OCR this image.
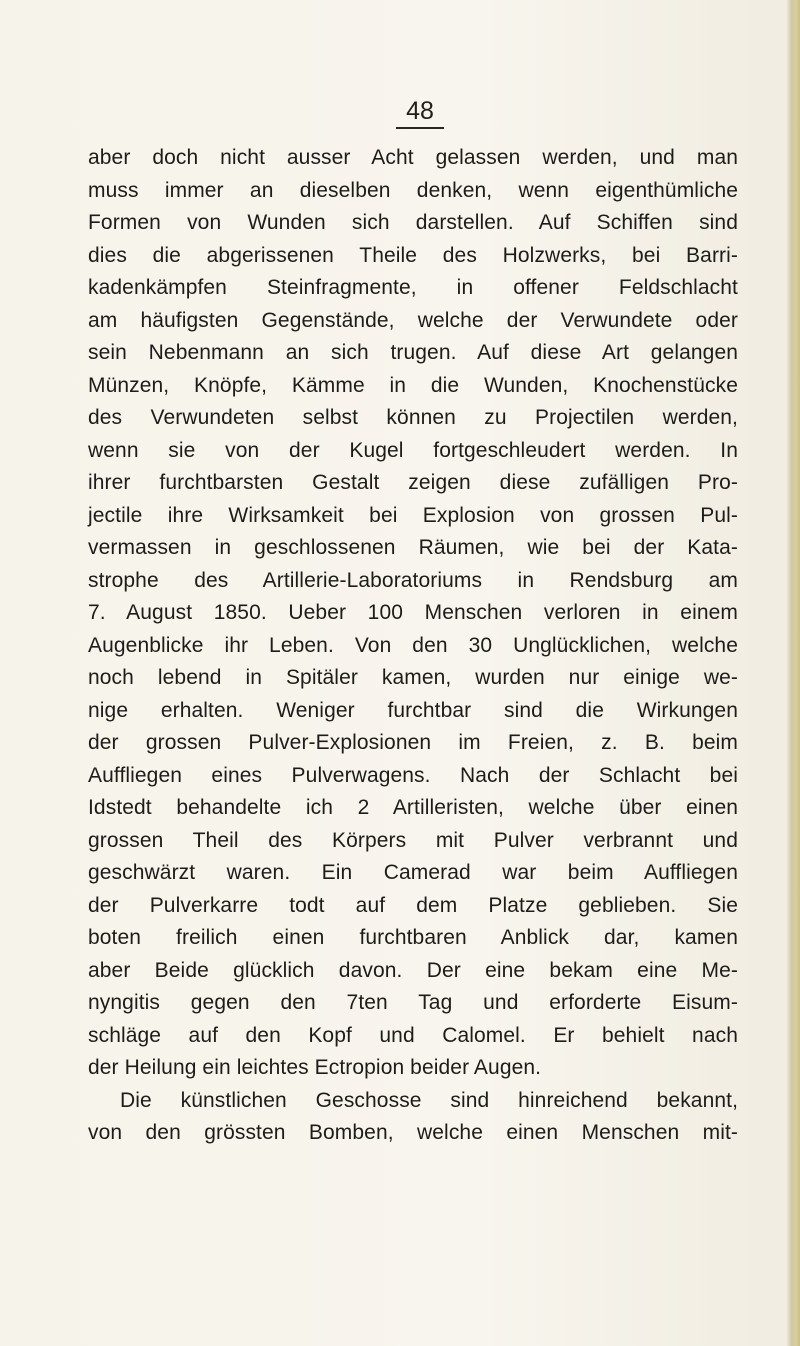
48
aber doch nicht ausser Acht gelassen werden, und man
muss immer an dieselben denken, wenn eigenthümliche
Formen von Wunden sich darstellen. Auf Schiffen sind
dies die abgerissenen Theile des Holzwerks, bei Barri-
kadenkämpfen Steinfragmente, in offener Feldschlacht
am häufigsten Gegenstände, welche der Verwundete oder
sein Nebenmann an sich trugen. Auf diese Art gelangen
Münzen, Knöpfe, Kämme in die Wunden, Knochenstücke
des Verwundeten selbst können zu Projectilen werden,
wenn sie von der Kugel fortgeschleudert werden. In
ihrer furchtbarsten Gestalt zeigen diese zufälligen Pro-
jectile ihre Wirksamkeit bei Explosion von grossen Pul-
vermassen in geschlossenen Räumen, wie bei der Kata-
strophe des Artillerie-Laboratoriums in Rendsburg am
7. August 1850. Ueber 100 Menschen verloren in einem
Augenblicke ihr Leben. Von den 30 Unglücklichen, welche
noch lebend in Spitäler kamen, wurden nur einige we-
nige erhalten. Weniger furchtbar sind die Wirkungen
der grossen Pulver-Explosionen im Freien, z. B. beim
Auffliegen eines Pulverwagens. Nach der Schlacht bei
Idstedt behandelte ich 2 Artilleristen, welche über einen
grossen Theil des Körpers mit Pulver verbrannt und
geschwärzt waren. Ein Camerad war beim Auffliegen
der Pulverkarre todt auf dem Platze geblieben. Sie
boten freilich einen furchtbaren Anblick dar, kamen
aber Beide glücklich davon. Der eine bekam eine Me-
nyngitis gegen den 7ten Tag und erforderte Eisum-
schläge auf den Kopf und Calomel. Er behielt nach
der Heilung ein leichtes Ectropion beider Augen.
Die künstlichen Geschosse sind hinreichend bekannt,
von den grössten Bomben, welche einen Menschen mit-
